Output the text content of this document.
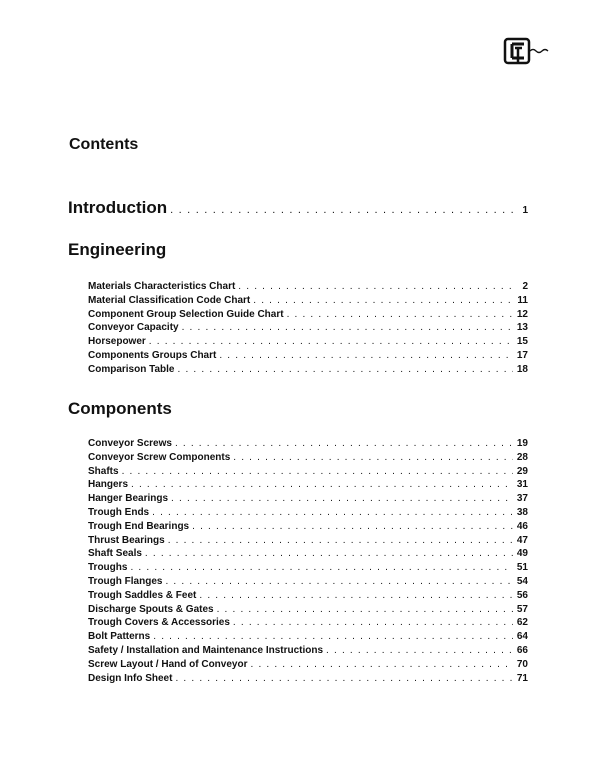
Contents
Introduction . . .	1
Engineering
Materials Characteristics Chart . . .	2
Material Classification Code Chart . . .	11
Component Group Selection Guide Chart . . .	12
Conveyor Capacity . . .	13
Horsepower . . .	15
Components Groups Chart . . .	17
Comparison Table . . .	18
Components
Conveyor Screws . . .	19
Conveyor Screw Components . . .	28
Shafts . . .	29
Hangers . . .	31
Hanger Bearings . . .	37
Trough Ends . . .	38
Trough End Bearings . . .	46
Thrust Bearings . . .	47
Shaft Seals . . .	49
Troughs . . .	51
Trough Flanges . . .	54
Trough Saddles & Feet . . .	56
Discharge Spouts & Gates . . .	57
Trough Covers & Accessories . . .	62
Bolt Patterns . . .	64
Safety / Installation and Maintenance Instructions . . .	66
Screw Layout / Hand of Conveyor . . .	70
Design Info Sheet . . .	71
